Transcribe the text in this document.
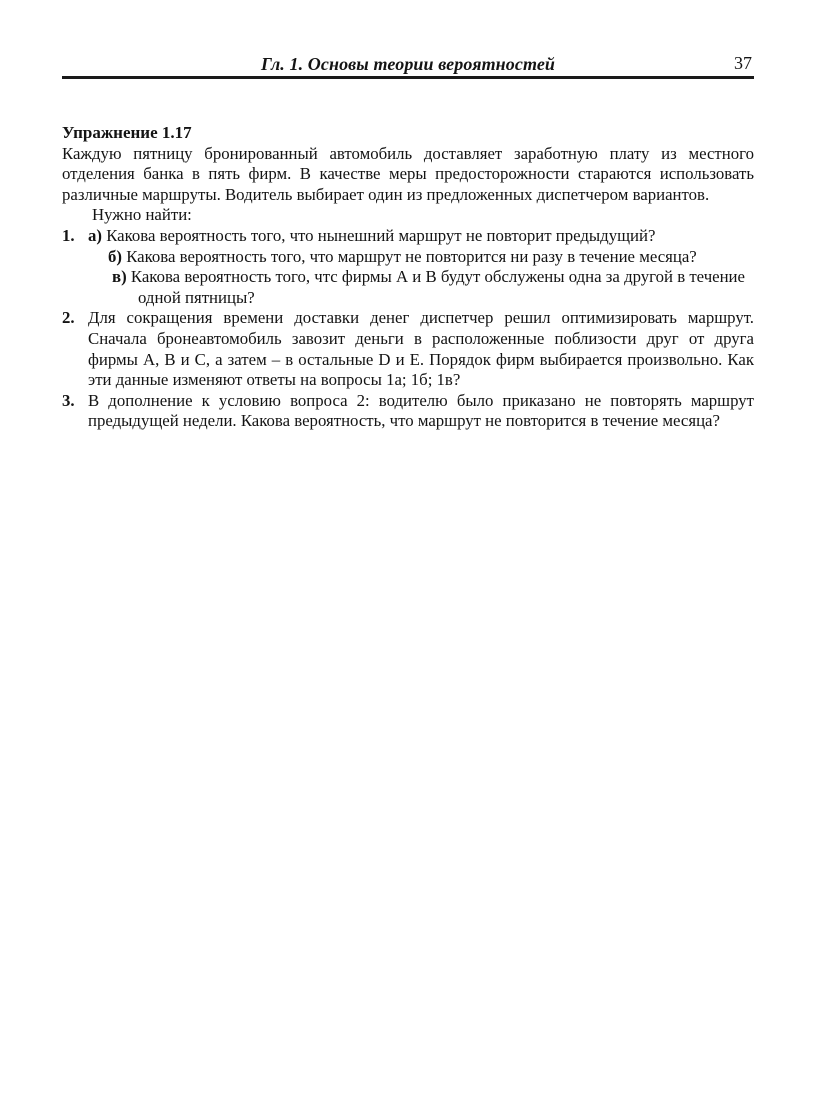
Гл. 1. Основы теории вероятностей	37

Упражнение 1.17

Каждую пятницу бронированный автомобиль доставляет заработную плату из местного отделения банка в пять фирм. В качестве меры предосторожности стараются использовать различные маршруты. Водитель выбирает один из предложенных диспетчером вариантов.

Нужно найти:

1. а) Какова вероятность того, что нынешний маршрут не повторит предыдущий?

б) Какова вероятность того, что маршрут не повторится ни разу в течение месяца?

в) Какова вероятность того, чтс фирмы А и В будут обслужены одна за другой в течение одной пятницы?

2. Для сокращения времени доставки денег диспетчер решил оптимизировать маршрут. Сначала бронеавтомобиль завозит деньги в расположенные поблизости друг от друга фирмы А, В и С, а затем – в остальные D и Е. Порядок фирм выбирается произвольно. Как эти данные изменяют ответы на вопросы 1а; 1б; 1в?
3. В дополнение к условию вопроса 2: водителю было приказано не повторять маршрут предыдущей недели. Какова вероятность, что маршрут не повторится в течение месяца?
